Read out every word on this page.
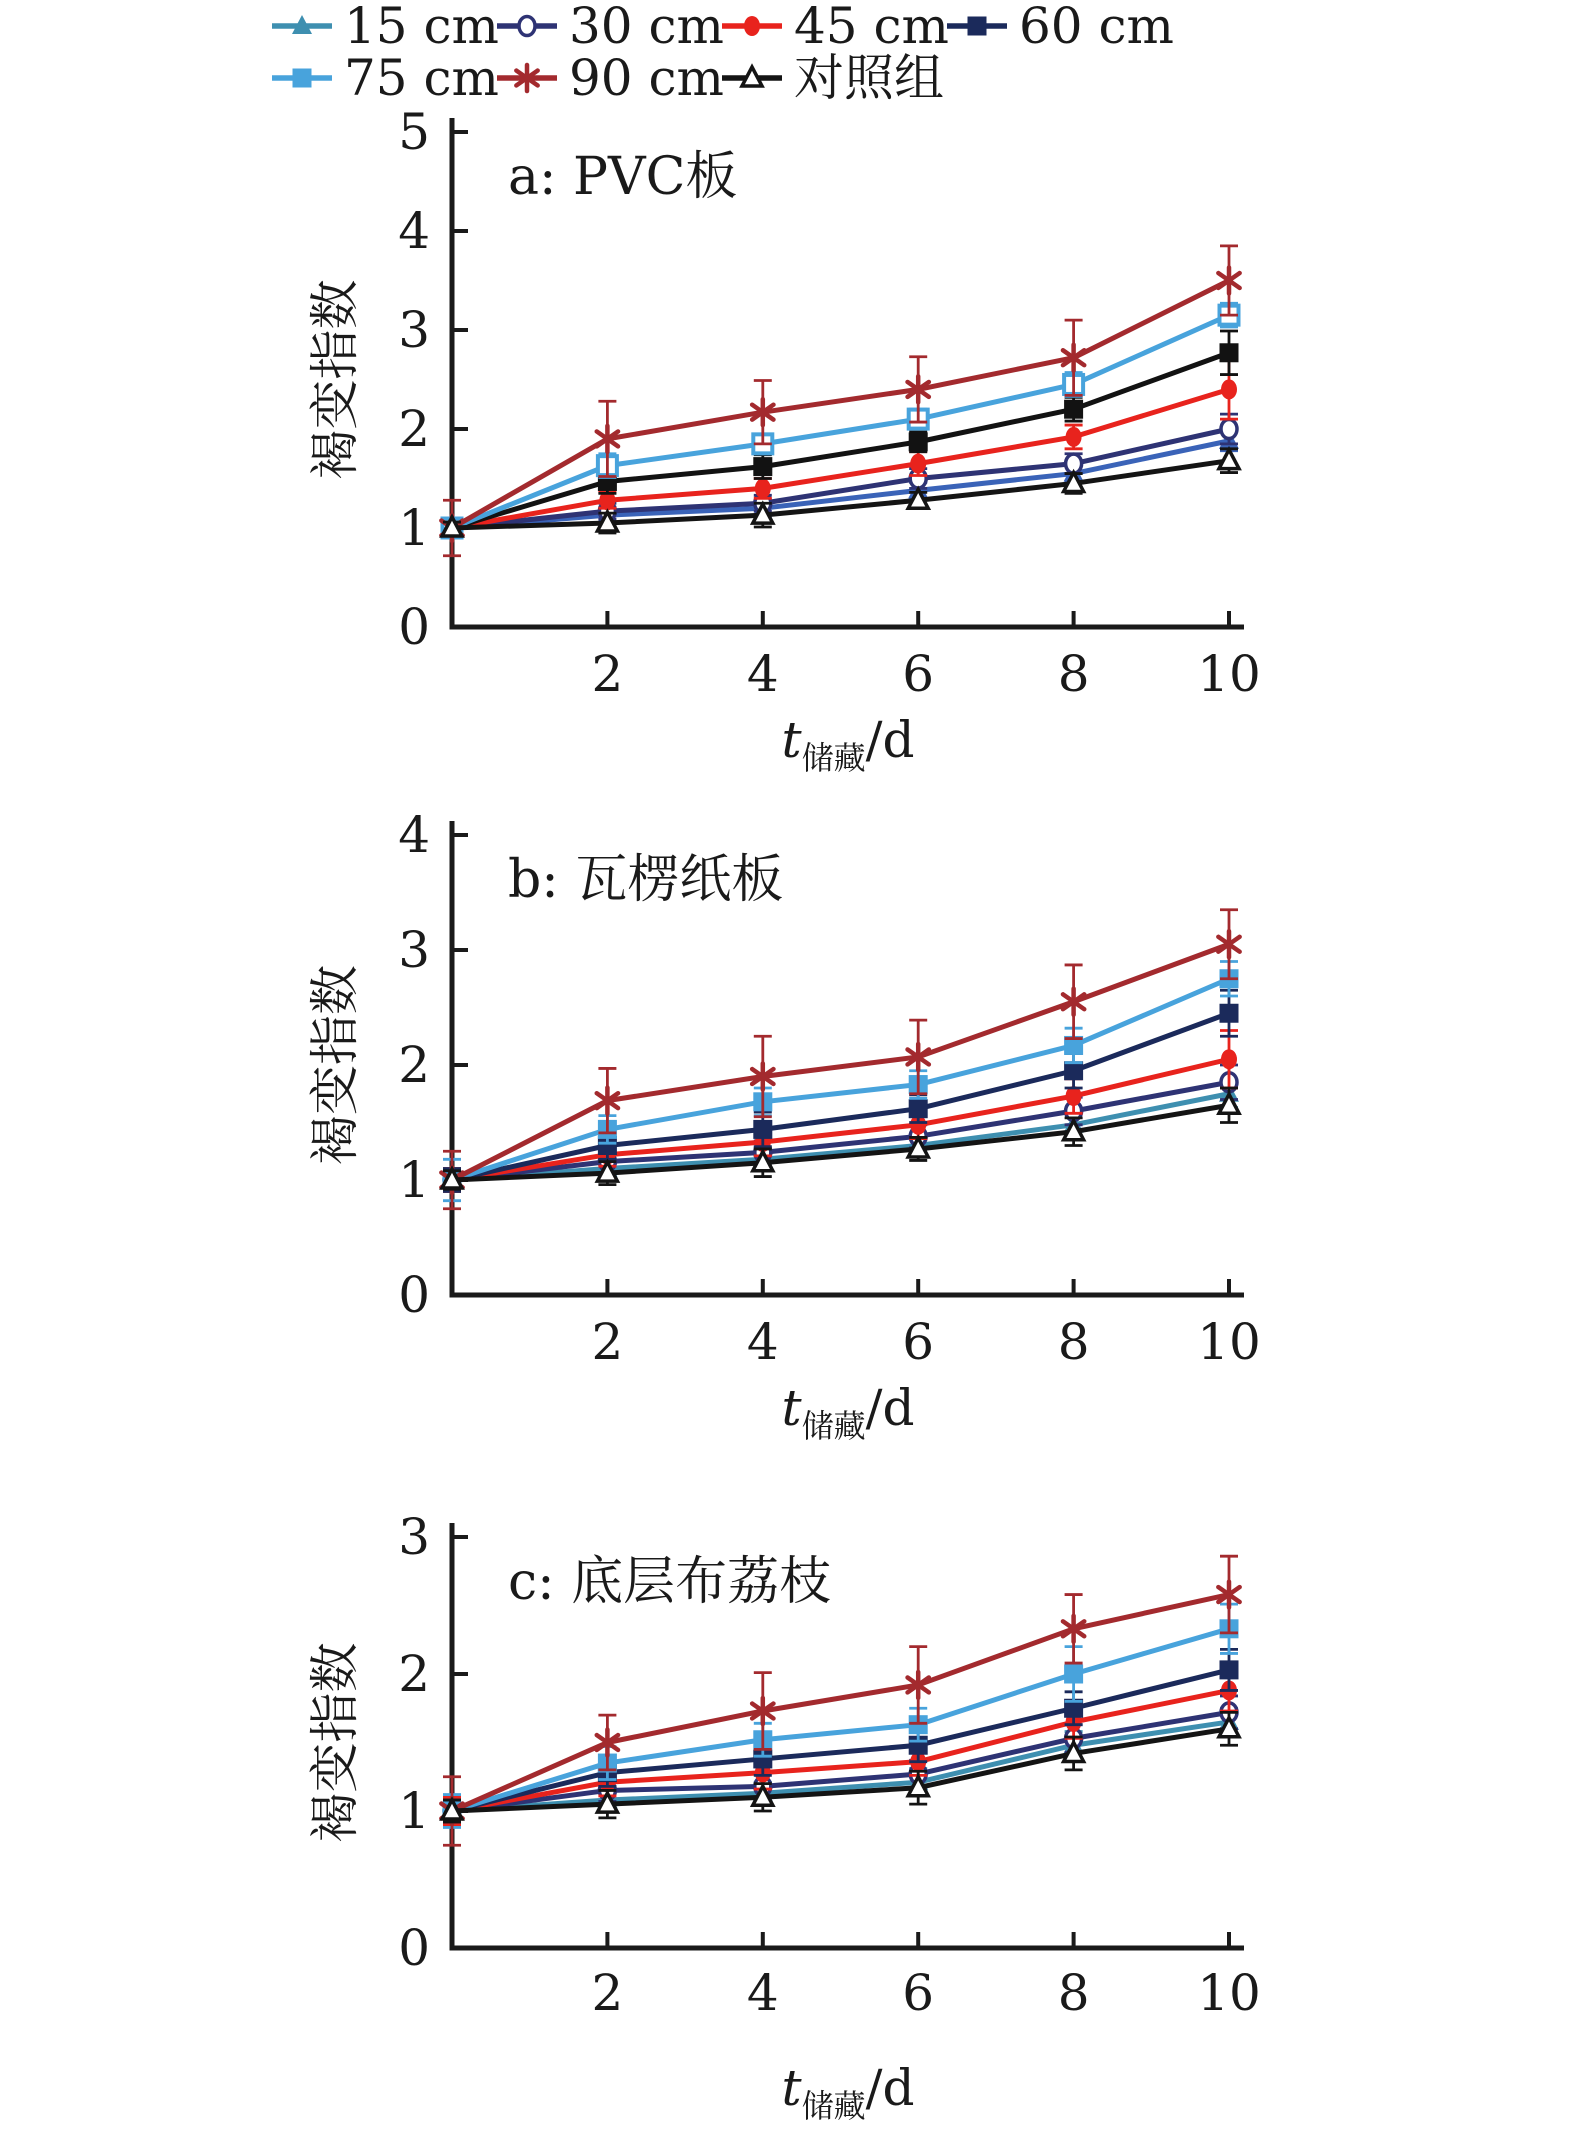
15 cm 30 cm 45 cm 60 cm
75 cm 90 cm 对照组
0
1
2
3
4
5
2 4 6 8 10
a: PVC板
褐变指数
$t_{储藏}/d$
0
1
2
3
4
2 4 6 8 10
b: 瓦楞纸板
褐变指数
$t_{储藏}/d$
0
1
2
3
2 4 6 8 10
c: 底层布荔枝
褐变指数
$t_{储藏}/d$
